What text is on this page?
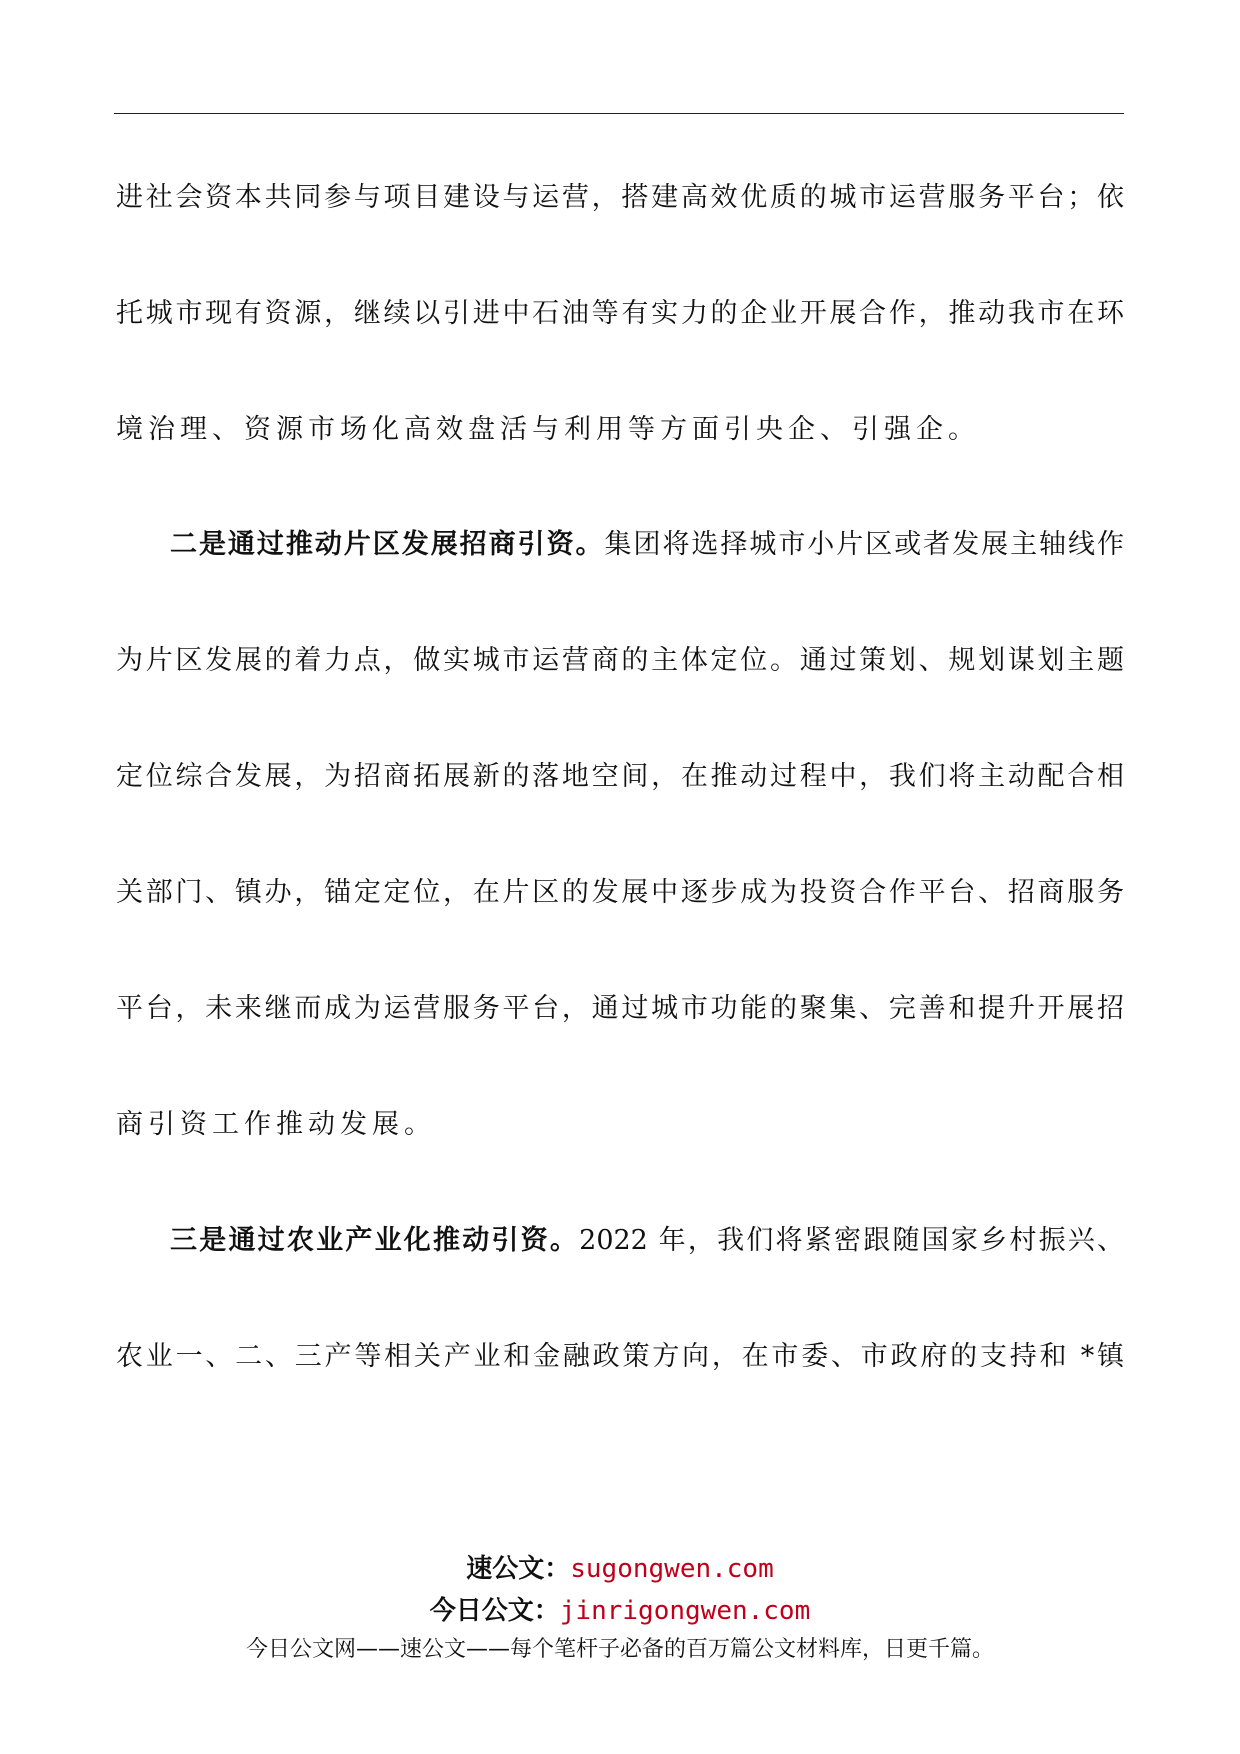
进社会资本共同参与项目建设与运营，搭建高效优质的城市运营服务平台；依
托城市现有资源，继续以引进中石油等有实力的企业开展合作，推动我市在环
境治理、资源市场化高效盘活与利用等方面引央企、引强企。
二是通过推动片区发展招商引资。集团将选择城市小片区或者发展主轴线作
为片区发展的着力点，做实城市运营商的主体定位。通过策划、规划谋划主题
定位综合发展，为招商拓展新的落地空间，在推动过程中，我们将主动配合相
关部门、镇办，锚定定位，在片区的发展中逐步成为投资合作平台、招商服务
平台，未来继而成为运营服务平台，通过城市功能的聚集、完善和提升开展招
商引资工作推动发展。
三是通过农业产业化推动引资。2022 年，我们将紧密跟随国家乡村振兴、
农业一、二、三产等相关产业和金融政策方向，在市委、市政府的支持和 *镇
速公文：sugongwen.com
今日公文：jinrigongwen.com
今日公文网——速公文——每个笔杆子必备的百万篇公文材料库，日更千篇。
